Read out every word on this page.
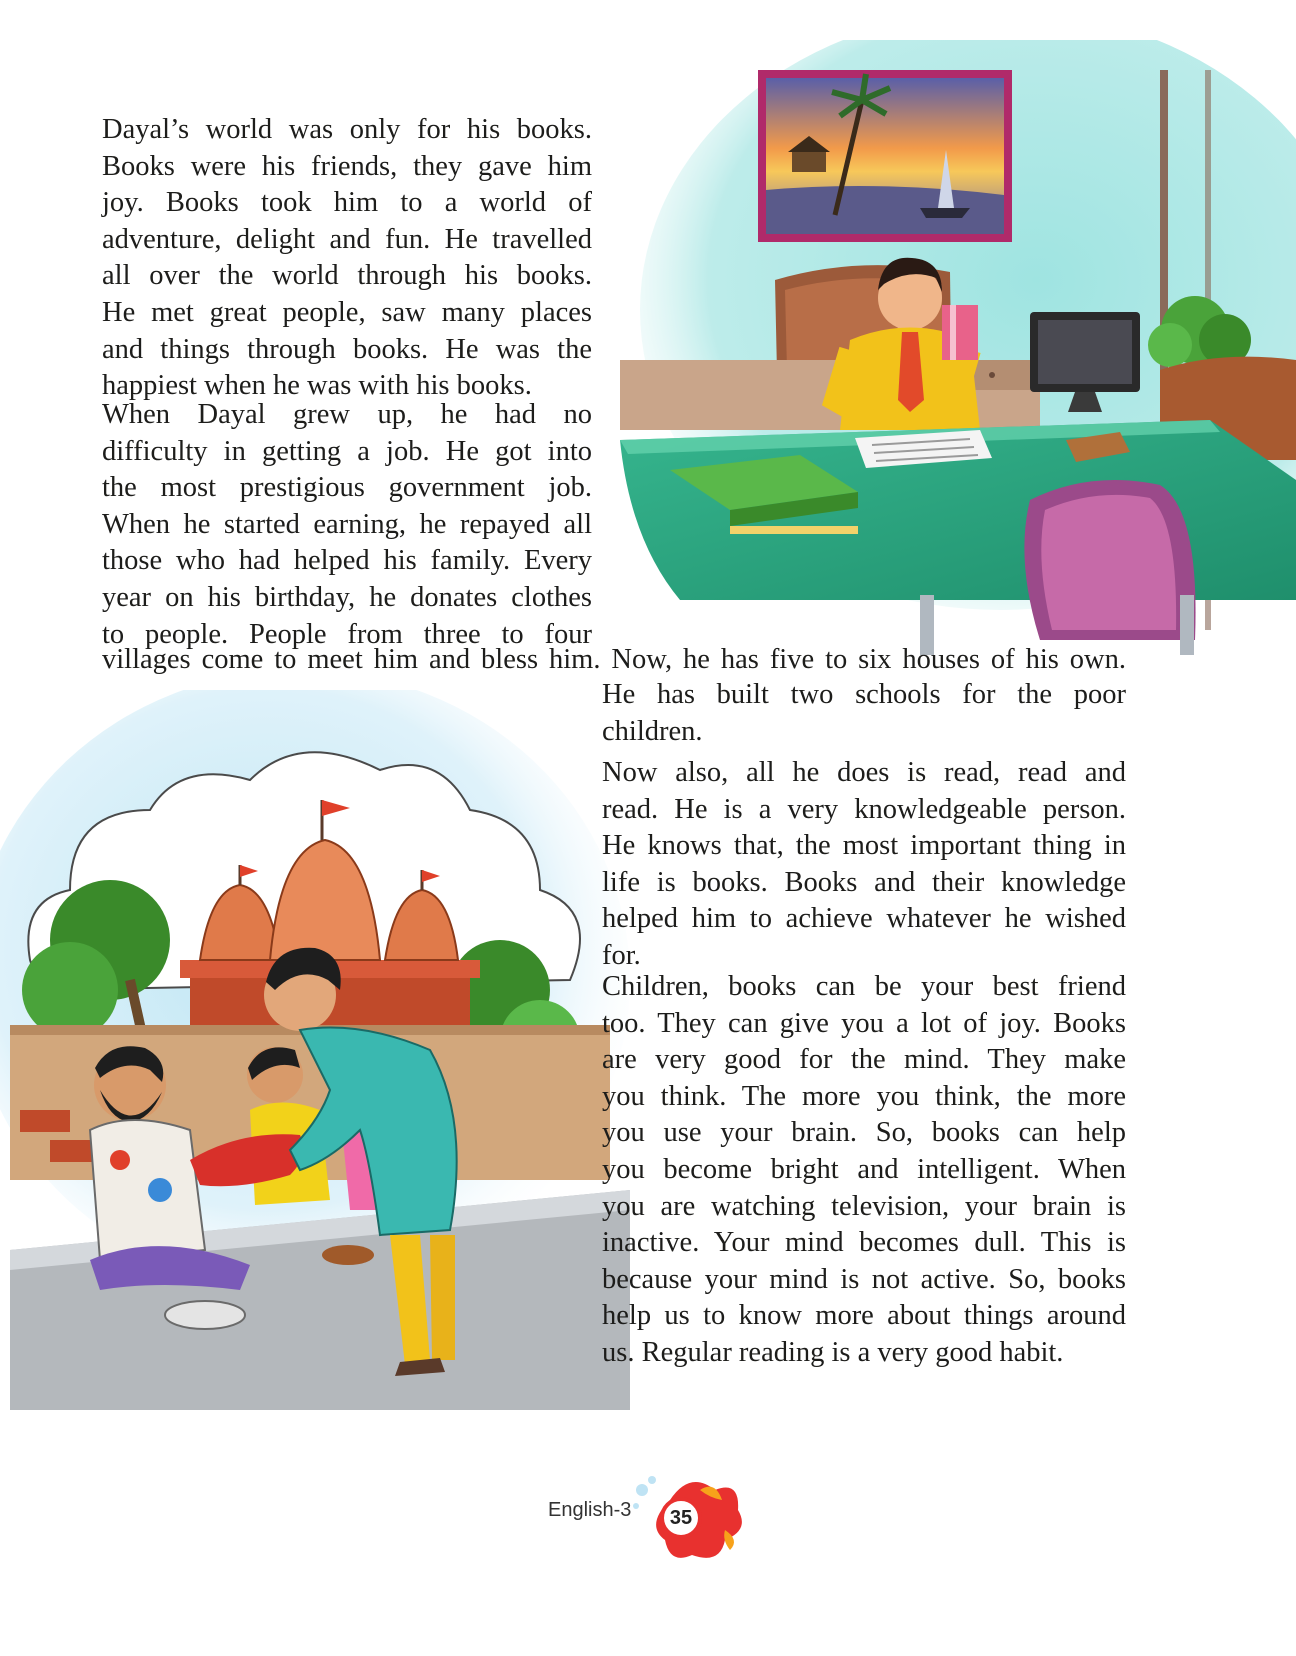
Dayal’s world was only for his books.
Books were his friends, they gave him
joy. Books took him to a world of
adventure, delight and fun. He travelled
all over the world through his books.
He met great people, saw many places
and things through books. He was the
happiest when he was with his books.

When Dayal grew up, he had no
difficulty in getting a job. He got into
the most prestigious government job.
When he started earning, he repayed all
those who had helped his family. Every
year on his birthday, he donates clothes
to people. People from three to four

villages come to meet him and bless him. Now, he has five to six houses of his own.

He has built two schools for the poor
children.

Now also, all he does is read, read and
read. He is a very knowledgeable person.
He knows that, the most important thing in
life is books. Books and their knowledge
helped him to achieve whatever he wished
for.

Children, books can be your best friend
too. They can give you a lot of joy. Books
are very good for the mind. They make
you think. The more you think, the more
you use your brain. So, books can help
you become bright and intelligent. When
you are watching television, your brain is
inactive. Your mind becomes dull. This is
because your mind is not active. So, books
help us to know more about things around
us. Regular reading is a very good habit.

English-3	35
